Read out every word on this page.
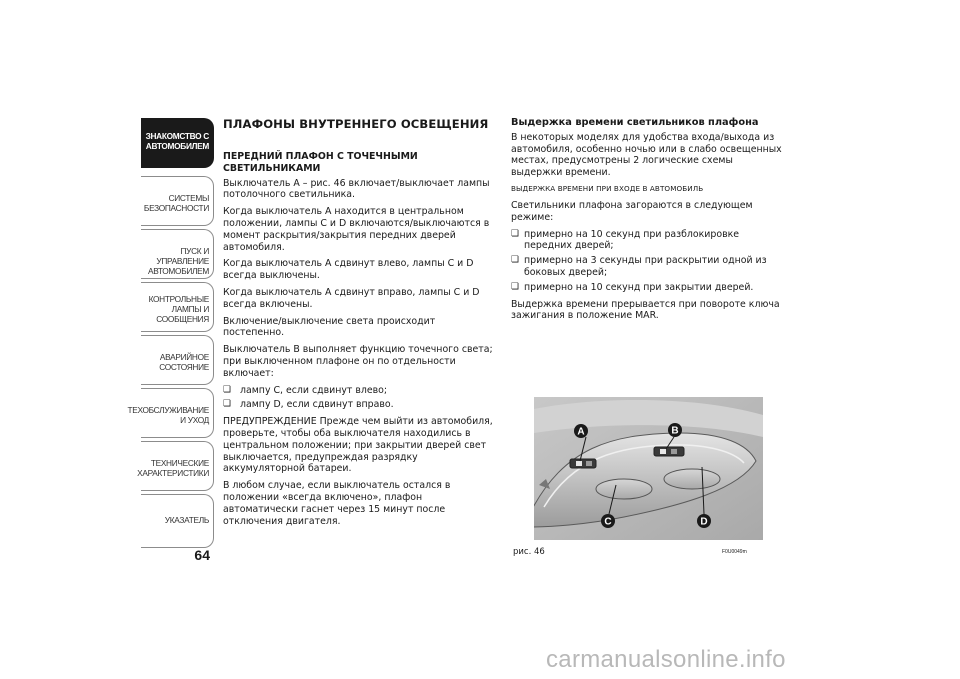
ЗНАКОМСТВО С
АВТОМОБИЛЕМ
СИСТЕМЫ
БЕЗОПАСНОСТИ
ПУСК И УПРАВЛЕНИЕ
АВТОМОБИЛЕМ
КОНТРОЛЬНЫЕ
ЛАМПЫ И
СООБЩЕНИЯ
АВАРИЙНОЕ
СОСТОЯНИЕ
ТЕХОБСЛУЖИВАНИЕ
И УХОД
ТЕХНИЧЕСКИЕ
ХАРАКТЕРИСТИКИ
УКАЗАТЕЛЬ
64
ПЛАФОНЫ ВНУТРЕННЕГО ОСВЕЩЕНИЯ
ПЕРЕДНИЙ ПЛАФОН С ТОЧЕЧНЫМИ СВЕТИЛЬНИКАМИ

Выключатель A – рис. 46 включает/выключает лампы потолочного светильника.

Когда выключатель A находится в центральном положении, лампы C и D включаются/выключаются в момент раскрытия/закрытия передних дверей автомобиля.

Когда выключатель A сдвинут влево, лампы C и D всегда выключены.

Когда выключатель A сдвинут вправо, лампы C и D всегда включены.

Включение/выключение света происходит постепенно.

Выключатель B выполняет функцию точечного света; при выключенном плафоне он по отдельности включает:

❏ лампу C, если сдвинут влево;
❏ лампу D, если сдвинут вправо.

ПРЕДУПРЕЖДЕНИЕ Прежде чем выйти из автомобиля, проверьте, чтобы оба выключателя находились в центральном положении; при закрытии дверей свет выключается, предупреждая разрядку аккумуляторной батареи.

В любом случае, если выключатель остался в положении «всегда включено», плафон автоматически гаснет через 15 минут после отключения двигателя.

Выдержка времени светильников плафона

В некоторых моделях для удобства входа/выхода из автомобиля, особенно ночью или в слабо освещенных местах, предусмотрены 2 логические схемы выдержки времени.

ВЫДЕРЖКА ВРЕМЕНИ ПРИ ВХОДЕ В АВТОМОБИЛЬ

Светильники плафона загораются в следующем режиме:

❏ примерно на 10 секунд при разблокировке передних дверей;
❏ примерно на 3 секунды при раскрытии одной из боковых дверей;
❏ примерно на 10 секунд при закрытии дверей.

Выдержка времени прерывается при повороте ключа зажигания в положение MAR.

A	B
C	D
рис. 46	F0U0049m
carmanualsonline.info
